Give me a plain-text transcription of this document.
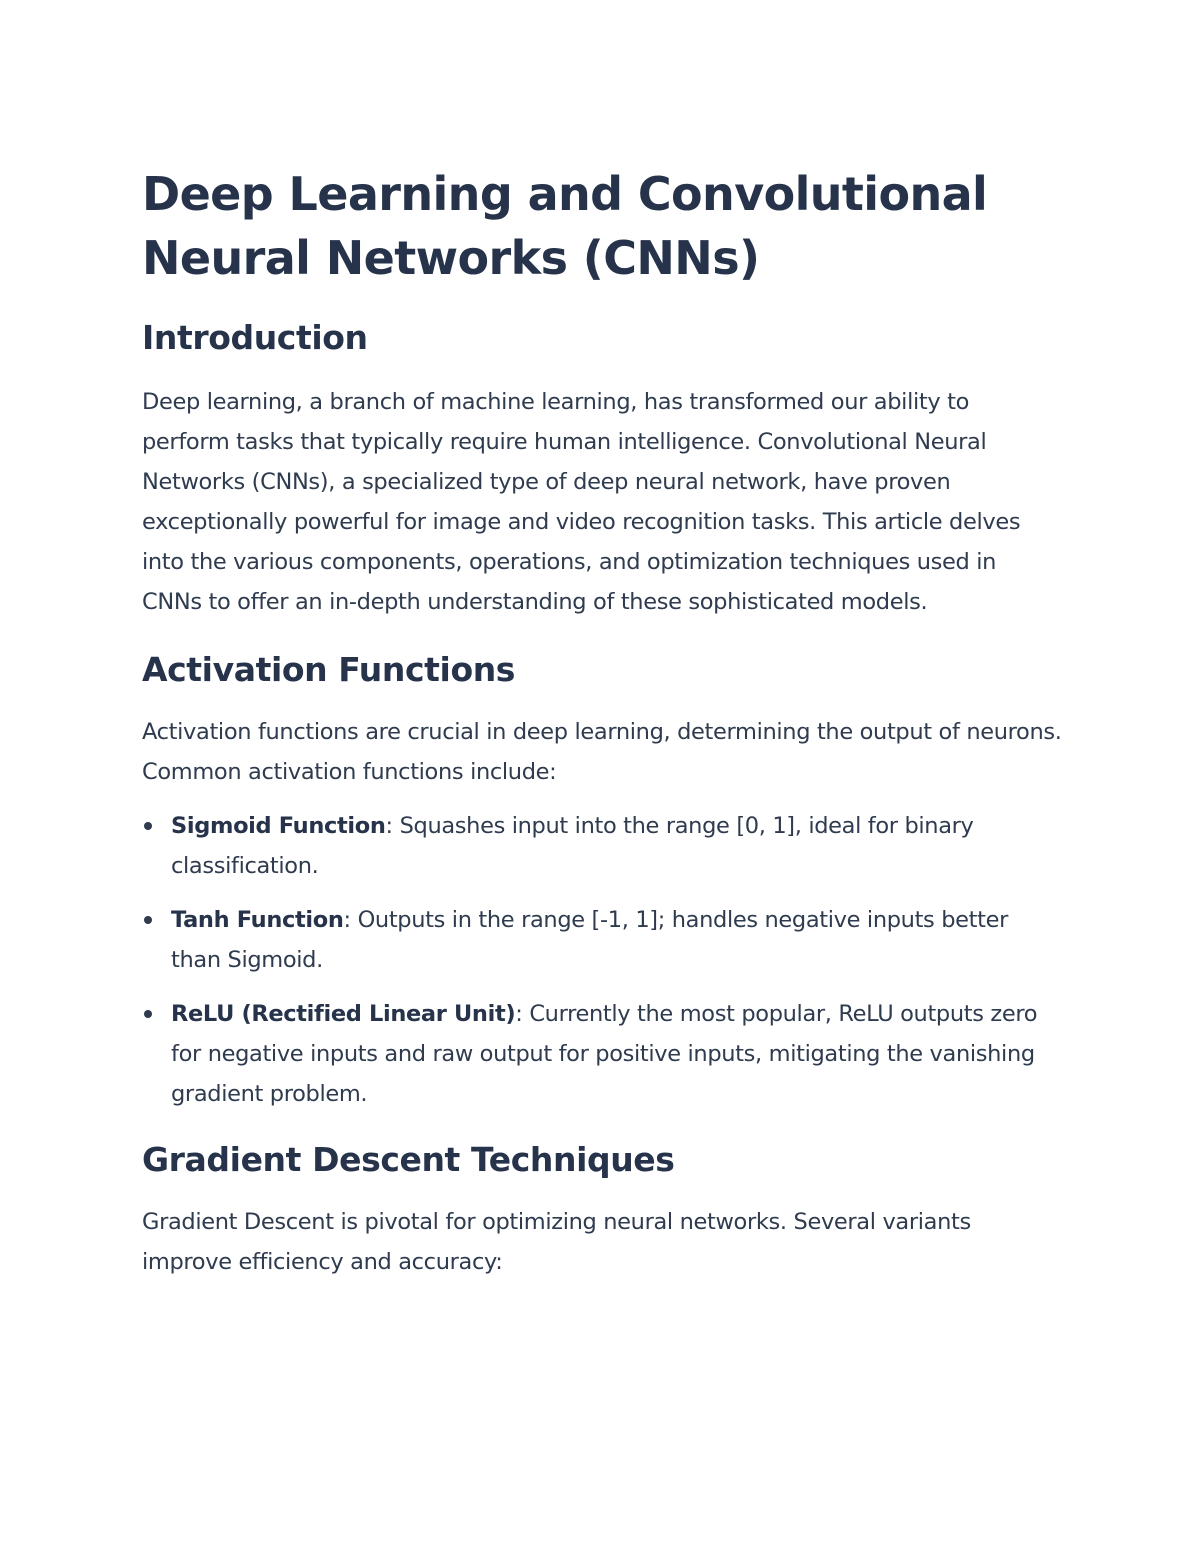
Deep Learning and Convolutional Neural Networks (CNNs)
Introduction

Deep learning, a branch of machine learning, has transformed our ability to perform tasks that typically require human intelligence. Convolutional Neural Networks (CNNs), a specialized type of deep neural network, have proven exceptionally powerful for image and video recognition tasks. This article delves into the various components, operations, and optimization techniques used in CNNs to offer an in-depth understanding of these sophisticated models.

Activation Functions

Activation functions are crucial in deep learning, determining the output of neurons. Common activation functions include:

Sigmoid Function: Squashes input into the range [0, 1], ideal for binary classification.
Tanh Function: Outputs in the range [-1, 1]; handles negative inputs better than Sigmoid.
ReLU (Rectified Linear Unit): Currently the most popular, ReLU outputs zero for negative inputs and raw output for positive inputs, mitigating the vanishing gradient problem.
Gradient Descent Techniques

Gradient Descent is pivotal for optimizing neural networks. Several variants improve efficiency and accuracy:
